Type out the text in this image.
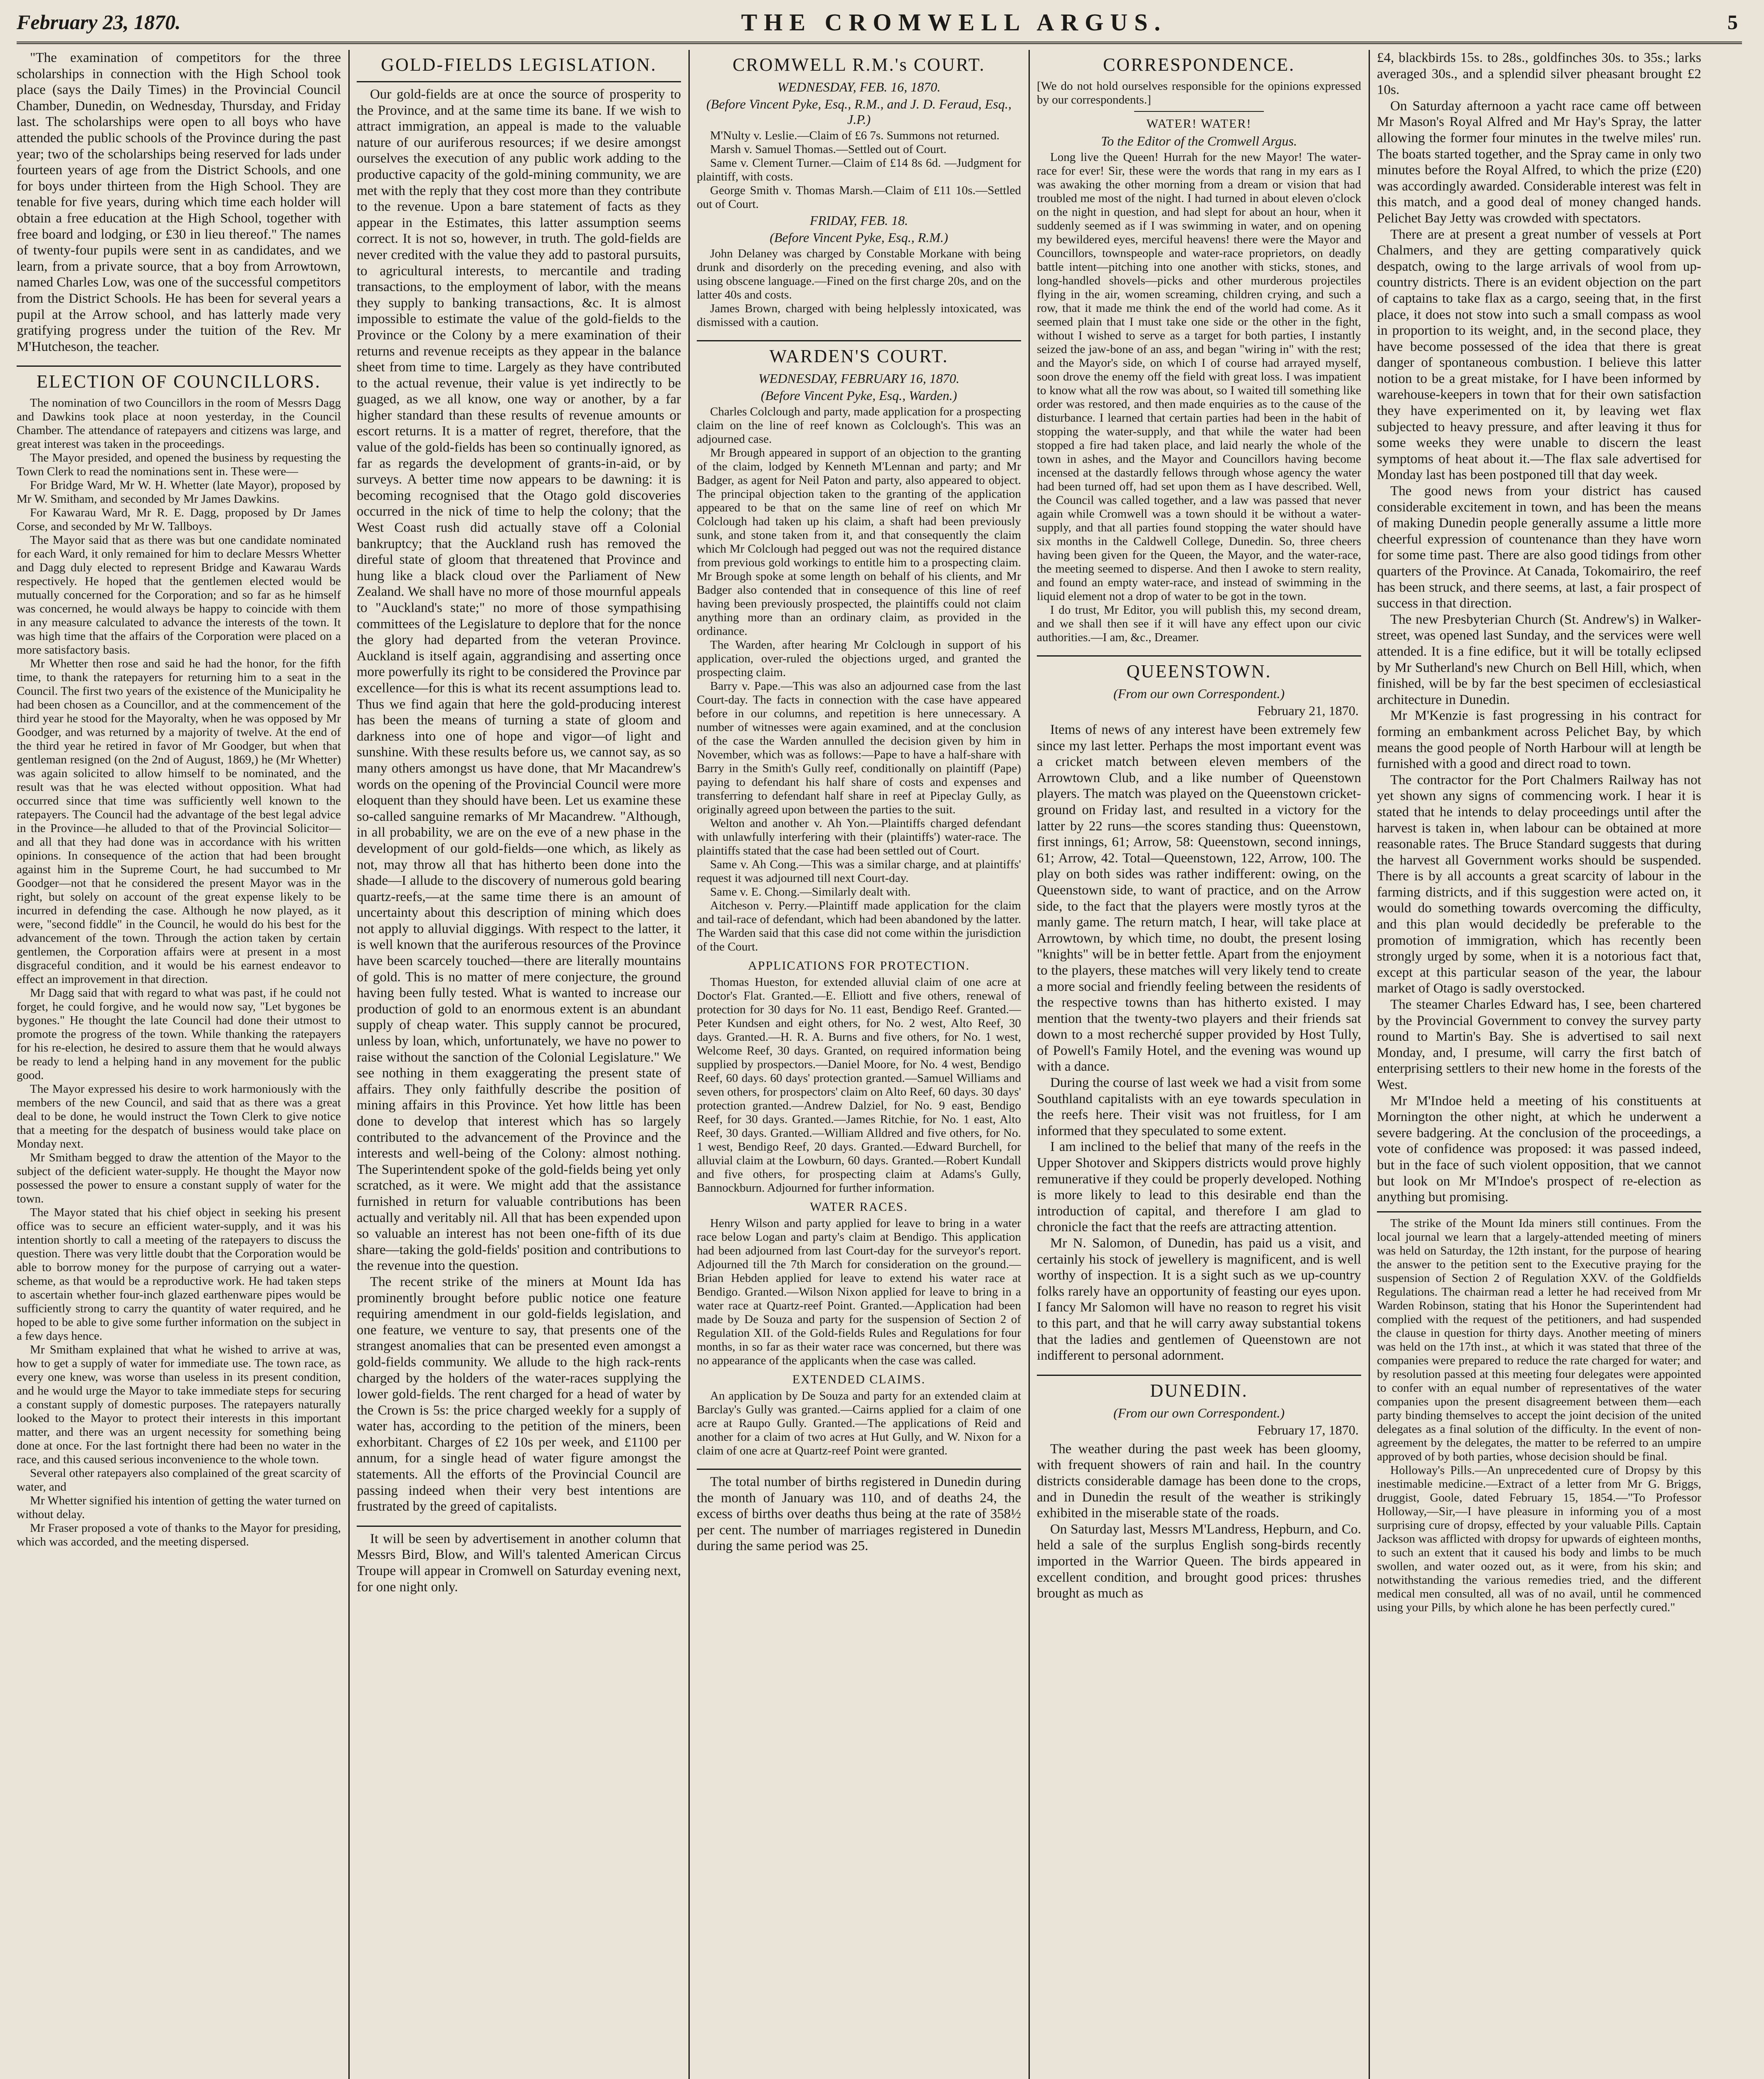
February 23, 1870.	THE CROMWELL ARGUS.	5

"The examination of competitors for the three scholarships in connection with the High School took place (says the Daily Times) in the Provincial Council Chamber, Dunedin, on Wednesday, Thursday, and Friday last. The scholarships were open to all boys who have attended the public schools of the Province during the past year; two of the scholarships being reserved for lads under fourteen years of age from the District Schools, and one for boys under thirteen from the High School. They are tenable for five years, during which time each holder will obtain a free education at the High School, together with free board and lodging, or £30 in lieu thereof." The names of twenty-four pupils were sent in as candidates, and we learn, from a private source, that a boy from Arrowtown, named Charles Low, was one of the successful competitors from the District Schools. He has been for several years a pupil at the Arrow school, and has latterly made very gratifying progress under the tuition of the Rev. Mr M'Hutcheson, the teacher.

ELECTION OF COUNCILLORS.

The nomination of two Councillors in the room of Messrs Dagg and Dawkins took place at noon yesterday, in the Council Chamber. The attendance of ratepayers and citizens was large, and great interest was taken in the proceedings.

The Mayor presided, and opened the business by requesting the Town Clerk to read the nominations sent in. These were—

For Bridge Ward, Mr W. H. Whetter (late Mayor), proposed by Mr W. Smitham, and seconded by Mr James Dawkins.

For Kawarau Ward, Mr R. E. Dagg, proposed by Dr James Corse, and seconded by Mr W. Tallboys.

The Mayor said that as there was but one candidate nominated for each Ward, it only remained for him to declare Messrs Whetter and Dagg duly elected to represent Bridge and Kawarau Wards respectively. He hoped that the gentlemen elected would be mutually concerned for the Corporation; and so far as he himself was concerned, he would always be happy to coincide with them in any measure calculated to advance the interests of the town. It was high time that the affairs of the Corporation were placed on a more satisfactory basis.

Mr Whetter then rose and said he had the honor, for the fifth time, to thank the ratepayers for returning him to a seat in the Council. The first two years of the existence of the Municipality he had been chosen as a Councillor, and at the commencement of the third year he stood for the Mayoralty, when he was opposed by Mr Goodger, and was returned by a majority of twelve. At the end of the third year he retired in favor of Mr Goodger, but when that gentleman resigned (on the 2nd of August, 1869,) he (Mr Whetter) was again solicited to allow himself to be nominated, and the result was that he was elected without opposition. What had occurred since that time was sufficiently well known to the ratepayers. The Council had the advantage of the best legal advice in the Province—he alluded to that of the Provincial Solicitor—and all that they had done was in accordance with his written opinions. In consequence of the action that had been brought against him in the Supreme Court, he had succumbed to Mr Goodger—not that he considered the present Mayor was in the right, but solely on account of the great expense likely to be incurred in defending the case. Although he now played, as it were, "second fiddle" in the Council, he would do his best for the advancement of the town. Through the action taken by certain gentlemen, the Corporation affairs were at present in a most disgraceful condition, and it would be his earnest endeavor to effect an improvement in that direction.

Mr Dagg said that with regard to what was past, if he could not forget, he could forgive, and he would now say, "Let bygones be bygones." He thought the late Council had done their utmost to promote the progress of the town. While thanking the ratepayers for his re-election, he desired to assure them that he would always be ready to lend a helping hand in any movement for the public good.

The Mayor expressed his desire to work harmoniously with the members of the new Council, and said that as there was a great deal to be done, he would instruct the Town Clerk to give notice that a meeting for the despatch of business would take place on Monday next.

Mr Smitham begged to draw the attention of the Mayor to the subject of the deficient water-supply. He thought the Mayor now possessed the power to ensure a constant supply of water for the town.

The Mayor stated that his chief object in seeking his present office was to secure an efficient water-supply, and it was his intention shortly to call a meeting of the ratepayers to discuss the question. There was very little doubt that the Corporation would be able to borrow money for the purpose of carrying out a water-scheme, as that would be a reproductive work. He had taken steps to ascertain whether four-inch glazed earthenware pipes would be sufficiently strong to carry the quantity of water required, and he hoped to be able to give some further information on the subject in a few days hence.

Mr Smitham explained that what he wished to arrive at was, how to get a supply of water for immediate use. The town race, as every one knew, was worse than useless in its present condition, and he would urge the Mayor to take immediate steps for securing a constant supply of domestic purposes. The ratepayers naturally looked to the Mayor to protect their interests in this important matter, and there was an urgent necessity for something being done at once. For the last fortnight there had been no water in the race, and this caused serious inconvenience to the whole town.

Several other ratepayers also complained of the great scarcity of water, and

Mr Whetter signified his intention of getting the water turned on without delay.

Mr Fraser proposed a vote of thanks to the Mayor for presiding, which was accorded, and the meeting dispersed.

GOLD-FIELDS LEGISLATION.

Our gold-fields are at once the source of prosperity to the Province, and at the same time its bane. If we wish to attract immigration, an appeal is made to the valuable nature of our auriferous resources; if we desire amongst ourselves the execution of any public work adding to the productive capacity of the gold-mining community, we are met with the reply that they cost more than they contribute to the revenue. Upon a bare statement of facts as they appear in the Estimates, this latter assumption seems correct. It is not so, however, in truth. The gold-fields are never credited with the value they add to pastoral pursuits, to agricultural interests, to mercantile and trading transactions, to the employment of labor, with the means they supply to banking transactions, &c. It is almost impossible to estimate the value of the gold-fields to the Province or the Colony by a mere examination of their returns and revenue receipts as they appear in the balance sheet from time to time. Largely as they have contributed to the actual revenue, their value is yet indirectly to be guaged, as we all know, one way or another, by a far higher standard than these results of revenue amounts or escort returns. It is a matter of regret, therefore, that the value of the gold-fields has been so continually ignored, as far as regards the development of grants-in-aid, or by surveys. A better time now appears to be dawning: it is becoming recognised that the Otago gold discoveries occurred in the nick of time to help the colony; that the West Coast rush did actually stave off a Colonial bankruptcy; that the Auckland rush has removed the direful state of gloom that threatened that Province and hung like a black cloud over the Parliament of New Zealand. We shall have no more of those mournful appeals to "Auckland's state;" no more of those sympathising committees of the Legislature to deplore that for the nonce the glory had departed from the veteran Province. Auckland is itself again, aggrandising and asserting once more powerfully its right to be considered the Province par excellence—for this is what its recent assumptions lead to. Thus we find again that here the gold-producing interest has been the means of turning a state of gloom and darkness into one of hope and vigor—of light and sunshine. With these results before us, we cannot say, as so many others amongst us have done, that Mr Macandrew's words on the opening of the Provincial Council were more eloquent than they should have been. Let us examine these so-called sanguine remarks of Mr Macandrew. "Although, in all probability, we are on the eve of a new phase in the development of our gold-fields—one which, as likely as not, may throw all that has hitherto been done into the shade—I allude to the discovery of numerous gold bearing quartz-reefs,—at the same time there is an amount of uncertainty about this description of mining which does not apply to alluvial diggings. With respect to the latter, it is well known that the auriferous resources of the Province have been scarcely touched—there are literally mountains of gold. This is no matter of mere conjecture, the ground having been fully tested. What is wanted to increase our production of gold to an enormous extent is an abundant supply of cheap water. This supply cannot be procured, unless by loan, which, unfortunately, we have no power to raise without the sanction of the Colonial Legislature." We see nothing in them exaggerating the present state of affairs. They only faithfully describe the position of mining affairs in this Province. Yet how little has been done to develop that interest which has so largely contributed to the advancement of the Province and the interests and well-being of the Colony: almost nothing. The Superintendent spoke of the gold-fields being yet only scratched, as it were. We might add that the assistance furnished in return for valuable contributions has been actually and veritably nil. All that has been expended upon so valuable an interest has not been one-fifth of its due share—taking the gold-fields' position and contributions to the revenue into the question.

The recent strike of the miners at Mount Ida has prominently brought before public notice one feature requiring amendment in our gold-fields legislation, and one feature, we venture to say, that presents one of the strangest anomalies that can be presented even amongst a gold-fields community. We allude to the high rack-rents charged by the holders of the water-races supplying the lower gold-fields. The rent charged for a head of water by the Crown is 5s: the price charged weekly for a supply of water has, according to the petition of the miners, been exhorbitant. Charges of £2 10s per week, and £1100 per annum, for a single head of water figure amongst the statements. All the efforts of the Provincial Council are passing indeed when their very best intentions are frustrated by the greed of capitalists.

It will be seen by advertisement in another column that Messrs Bird, Blow, and Will's talented American Circus Troupe will appear in Cromwell on Saturday evening next, for one night only.

CROMWELL R.M.'s COURT.
WEDNESDAY, FEB. 16, 1870.
(Before Vincent Pyke, Esq., R.M., and J. D. Feraud, Esq., J.P.)

M'Nulty v. Leslie.—Claim of £6 7s. Summons not returned.

Marsh v. Samuel Thomas.—Settled out of Court.

Same v. Clement Turner.—Claim of £14 8s 6d. —Judgment for plaintiff, with costs.

George Smith v. Thomas Marsh.—Claim of £11 10s.—Settled out of Court.

FRIDAY, FEB. 18.
(Before Vincent Pyke, Esq., R.M.)

John Delaney was charged by Constable Morkane with being drunk and disorderly on the preceding evening, and also with using obscene language.—Fined on the first charge 20s, and on the latter 40s and costs.

James Brown, charged with being helplessly intoxicated, was dismissed with a caution.

WARDEN'S COURT.
WEDNESDAY, FEBRUARY 16, 1870.
(Before Vincent Pyke, Esq., Warden.)

Charles Colclough and party, made application for a prospecting claim on the line of reef known as Colclough's. This was an adjourned case.

Mr Brough appeared in support of an objection to the granting of the claim, lodged by Kenneth M'Lennan and party; and Mr Badger, as agent for Neil Paton and party, also appeared to object. The principal objection taken to the granting of the application appeared to be that on the same line of reef on which Mr Colclough had taken up his claim, a shaft had been previously sunk, and stone taken from it, and that consequently the claim which Mr Colclough had pegged out was not the required distance from previous gold workings to entitle him to a prospecting claim. Mr Brough spoke at some length on behalf of his clients, and Mr Badger also contended that in consequence of this line of reef having been previously prospected, the plaintiffs could not claim anything more than an ordinary claim, as provided in the ordinance.

The Warden, after hearing Mr Colclough in support of his application, over-ruled the objections urged, and granted the prospecting claim.

Barry v. Pape.—This was also an adjourned case from the last Court-day. The facts in connection with the case have appeared before in our columns, and repetition is here unnecessary. A number of witnesses were again examined, and at the conclusion of the case the Warden annulled the decision given by him in November, which was as follows:—Pape to have a half-share with Barry in the Smith's Gully reef, conditionally on plaintiff (Pape) paying to defendant his half share of costs and expenses and transferring to defendant half share in reef at Pipeclay Gully, as originally agreed upon between the parties to the suit.

Welton and another v. Ah Yon.—Plaintiffs charged defendant with unlawfully interfering with their (plaintiffs') water-race. The plaintiffs stated that the case had been settled out of Court.

Same v. Ah Cong.—This was a similar charge, and at plaintiffs' request it was adjourned till next Court-day.

Same v. E. Chong.—Similarly dealt with.

Aitcheson v. Perry.—Plaintiff made application for the claim and tail-race of defendant, which had been abandoned by the latter. The Warden said that this case did not come within the jurisdiction of the Court.

APPLICATIONS FOR PROTECTION.

Thomas Hueston, for extended alluvial claim of one acre at Doctor's Flat. Granted.—E. Elliott and five others, renewal of protection for 30 days for No. 11 east, Bendigo Reef. Granted.—Peter Kundsen and eight others, for No. 2 west, Alto Reef, 30 days. Granted.—H. R. A. Burns and five others, for No. 1 west, Welcome Reef, 30 days. Granted, on required information being supplied by prospectors.—Daniel Moore, for No. 4 west, Bendigo Reef, 60 days. 60 days' protection granted.—Samuel Williams and seven others, for prospectors' claim on Alto Reef, 60 days. 30 days' protection granted.—Andrew Dalziel, for No. 9 east, Bendigo Reef, for 30 days. Granted.—James Ritchie, for No. 1 east, Alto Reef, 30 days. Granted.—William Alldred and five others, for No. 1 west, Bendigo Reef, 20 days. Granted.—Edward Burchell, for alluvial claim at the Lowburn, 60 days. Granted.—Robert Kundall and five others, for prospecting claim at Adams's Gully, Bannockburn. Adjourned for further information.

WATER RACES.

Henry Wilson and party applied for leave to bring in a water race below Logan and party's claim at Bendigo. This application had been adjourned from last Court-day for the surveyor's report. Adjourned till the 7th March for consideration on the ground.—Brian Hebden applied for leave to extend his water race at Bendigo. Granted.—Wilson Nixon applied for leave to bring in a water race at Quartz-reef Point. Granted.—Application had been made by De Souza and party for the suspension of Section 2 of Regulation XII. of the Gold-fields Rules and Regulations for four months, in so far as their water race was concerned, but there was no appearance of the applicants when the case was called.

EXTENDED CLAIMS.

An application by De Souza and party for an extended claim at Barclay's Gully was granted.—Cairns applied for a claim of one acre at Raupo Gully. Granted.—The applications of Reid and another for a claim of two acres at Hut Gully, and W. Nixon for a claim of one acre at Quartz-reef Point were granted.

The total number of births registered in Dunedin during the month of January was 110, and of deaths 24, the excess of births over deaths thus being at the rate of 358½ per cent. The number of marriages registered in Dunedin during the same period was 25.

CORRESPONDENCE.

[We do not hold ourselves responsible for the opinions expressed by our correspondents.]

WATER! WATER!
To the Editor of the Cromwell Argus.

Long live the Queen! Hurrah for the new Mayor! The water-race for ever! Sir, these were the words that rang in my ears as I was awaking the other morning from a dream or vision that had troubled me most of the night. I had turned in about eleven o'clock on the night in question, and had slept for about an hour, when it suddenly seemed as if I was swimming in water, and on opening my bewildered eyes, merciful heavens! there were the Mayor and Councillors, townspeople and water-race proprietors, on deadly battle intent—pitching into one another with sticks, stones, and long-handled shovels—picks and other murderous projectiles flying in the air, women screaming, children crying, and such a row, that it made me think the end of the world had come. As it seemed plain that I must take one side or the other in the fight, without I wished to serve as a target for both parties, I instantly seized the jaw-bone of an ass, and began "wiring in" with the rest; and the Mayor's side, on which I of course had arrayed myself, soon drove the enemy off the field with great loss. I was impatient to know what all the row was about, so I waited till something like order was restored, and then made enquiries as to the cause of the disturbance. I learned that certain parties had been in the habit of stopping the water-supply, and that while the water had been stopped a fire had taken place, and laid nearly the whole of the town in ashes, and the Mayor and Councillors having become incensed at the dastardly fellows through whose agency the water had been turned off, had set upon them as I have described. Well, the Council was called together, and a law was passed that never again while Cromwell was a town should it be without a water-supply, and that all parties found stopping the water should have six months in the Caldwell College, Dunedin. So, three cheers having been given for the Queen, the Mayor, and the water-race, the meeting seemed to disperse. And then I awoke to stern reality, and found an empty water-race, and instead of swimming in the liquid element not a drop of water to be got in the town.

I do trust, Mr Editor, you will publish this, my second dream, and we shall then see if it will have any effect upon our civic authorities.—I am, &c., Dreamer.

QUEENSTOWN.
(From our own Correspondent.)
February 21, 1870.

Items of news of any interest have been extremely few since my last letter. Perhaps the most important event was a cricket match between eleven members of the Arrowtown Club, and a like number of Queenstown players. The match was played on the Queenstown cricket-ground on Friday last, and resulted in a victory for the latter by 22 runs—the scores standing thus: Queenstown, first innings, 61; Arrow, 58: Queenstown, second innings, 61; Arrow, 42. Total—Queenstown, 122, Arrow, 100. The play on both sides was rather indifferent: owing, on the Queenstown side, to want of practice, and on the Arrow side, to the fact that the players were mostly tyros at the manly game. The return match, I hear, will take place at Arrowtown, by which time, no doubt, the present losing "knights" will be in better fettle. Apart from the enjoyment to the players, these matches will very likely tend to create a more social and friendly feeling between the residents of the respective towns than has hitherto existed. I may mention that the twenty-two players and their friends sat down to a most recherché supper provided by Host Tully, of Powell's Family Hotel, and the evening was wound up with a dance.

During the course of last week we had a visit from some Southland capitalists with an eye towards speculation in the reefs here. Their visit was not fruitless, for I am informed that they speculated to some extent.

I am inclined to the belief that many of the reefs in the Upper Shotover and Skippers districts would prove highly remunerative if they could be properly developed. Nothing is more likely to lead to this desirable end than the introduction of capital, and therefore I am glad to chronicle the fact that the reefs are attracting attention.

Mr N. Salomon, of Dunedin, has paid us a visit, and certainly his stock of jewellery is magnificent, and is well worthy of inspection. It is a sight such as we up-country folks rarely have an opportunity of feasting our eyes upon. I fancy Mr Salomon will have no reason to regret his visit to this part, and that he will carry away substantial tokens that the ladies and gentlemen of Queenstown are not indifferent to personal adornment.

DUNEDIN.
(From our own Correspondent.)
February 17, 1870.

The weather during the past week has been gloomy, with frequent showers of rain and hail. In the country districts considerable damage has been done to the crops, and in Dunedin the result of the weather is strikingly exhibited in the miserable state of the roads.

On Saturday last, Messrs M'Landress, Hepburn, and Co. held a sale of the surplus English song-birds recently imported in the Warrior Queen. The birds appeared in excellent condition, and brought good prices: thrushes brought as much as

£4, blackbirds 15s. to 28s., goldfinches 30s. to 35s.; larks averaged 30s., and a splendid silver pheasant brought £2 10s.

On Saturday afternoon a yacht race came off between Mr Mason's Royal Alfred and Mr Hay's Spray, the latter allowing the former four minutes in the twelve miles' run. The boats started together, and the Spray came in only two minutes before the Royal Alfred, to which the prize (£20) was accordingly awarded. Considerable interest was felt in this match, and a good deal of money changed hands. Pelichet Bay Jetty was crowded with spectators.

There are at present a great number of vessels at Port Chalmers, and they are getting comparatively quick despatch, owing to the large arrivals of wool from up-country districts. There is an evident objection on the part of captains to take flax as a cargo, seeing that, in the first place, it does not stow into such a small compass as wool in proportion to its weight, and, in the second place, they have become possessed of the idea that there is great danger of spontaneous combustion. I believe this latter notion to be a great mistake, for I have been informed by warehouse-keepers in town that for their own satisfaction they have experimented on it, by leaving wet flax subjected to heavy pressure, and after leaving it thus for some weeks they were unable to discern the least symptoms of heat about it.—The flax sale advertised for Monday last has been postponed till that day week.

The good news from your district has caused considerable excitement in town, and has been the means of making Dunedin people generally assume a little more cheerful expression of countenance than they have worn for some time past. There are also good tidings from other quarters of the Province. At Canada, Tokomairiro, the reef has been struck, and there seems, at last, a fair prospect of success in that direction.

The new Presbyterian Church (St. Andrew's) in Walker-street, was opened last Sunday, and the services were well attended. It is a fine edifice, but it will be totally eclipsed by Mr Sutherland's new Church on Bell Hill, which, when finished, will be by far the best specimen of ecclesiastical architecture in Dunedin.

Mr M'Kenzie is fast progressing in his contract for forming an embankment across Pelichet Bay, by which means the good people of North Harbour will at length be furnished with a good and direct road to town.

The contractor for the Port Chalmers Railway has not yet shown any signs of commencing work. I hear it is stated that he intends to delay proceedings until after the harvest is taken in, when labour can be obtained at more reasonable rates. The Bruce Standard suggests that during the harvest all Government works should be suspended. There is by all accounts a great scarcity of labour in the farming districts, and if this suggestion were acted on, it would do something towards overcoming the difficulty, and this plan would decidedly be preferable to the promotion of immigration, which has recently been strongly urged by some, when it is a notorious fact that, except at this particular season of the year, the labour market of Otago is sadly overstocked.

The steamer Charles Edward has, I see, been chartered by the Provincial Government to convey the survey party round to Martin's Bay. She is advertised to sail next Monday, and, I presume, will carry the first batch of enterprising settlers to their new home in the forests of the West.

Mr M'Indoe held a meeting of his constituents at Mornington the other night, at which he underwent a severe badgering. At the conclusion of the proceedings, a vote of confidence was proposed: it was passed indeed, but in the face of such violent opposition, that we cannot but look on Mr M'Indoe's prospect of re-election as anything but promising.

The strike of the Mount Ida miners still continues. From the local journal we learn that a largely-attended meeting of miners was held on Saturday, the 12th instant, for the purpose of hearing the answer to the petition sent to the Executive praying for the suspension of Section 2 of Regulation XXV. of the Goldfields Regulations. The chairman read a letter he had received from Mr Warden Robinson, stating that his Honor the Superintendent had complied with the request of the petitioners, and had suspended the clause in question for thirty days. Another meeting of miners was held on the 17th inst., at which it was stated that three of the companies were prepared to reduce the rate charged for water; and by resolution passed at this meeting four delegates were appointed to confer with an equal number of representatives of the water companies upon the present disagreement between them—each party binding themselves to accept the joint decision of the united delegates as a final solution of the difficulty. In the event of non-agreement by the delegates, the matter to be referred to an umpire approved of by both parties, whose decision should be final.

Holloway's Pills.—An unprecedented cure of Dropsy by this inestimable medicine.—Extract of a letter from Mr G. Briggs, druggist, Goole, dated February 15, 1854.—"To Professor Holloway,—Sir,—I have pleasure in informing you of a most surprising cure of dropsy, effected by your valuable Pills. Captain Jackson was afflicted with dropsy for upwards of eighteen months, to such an extent that it caused his body and limbs to be much swollen, and water oozed out, as it were, from his skin; and notwithstanding the various remedies tried, and the different medical men consulted, all was of no avail, until he commenced using your Pills, by which alone he has been perfectly cured."
